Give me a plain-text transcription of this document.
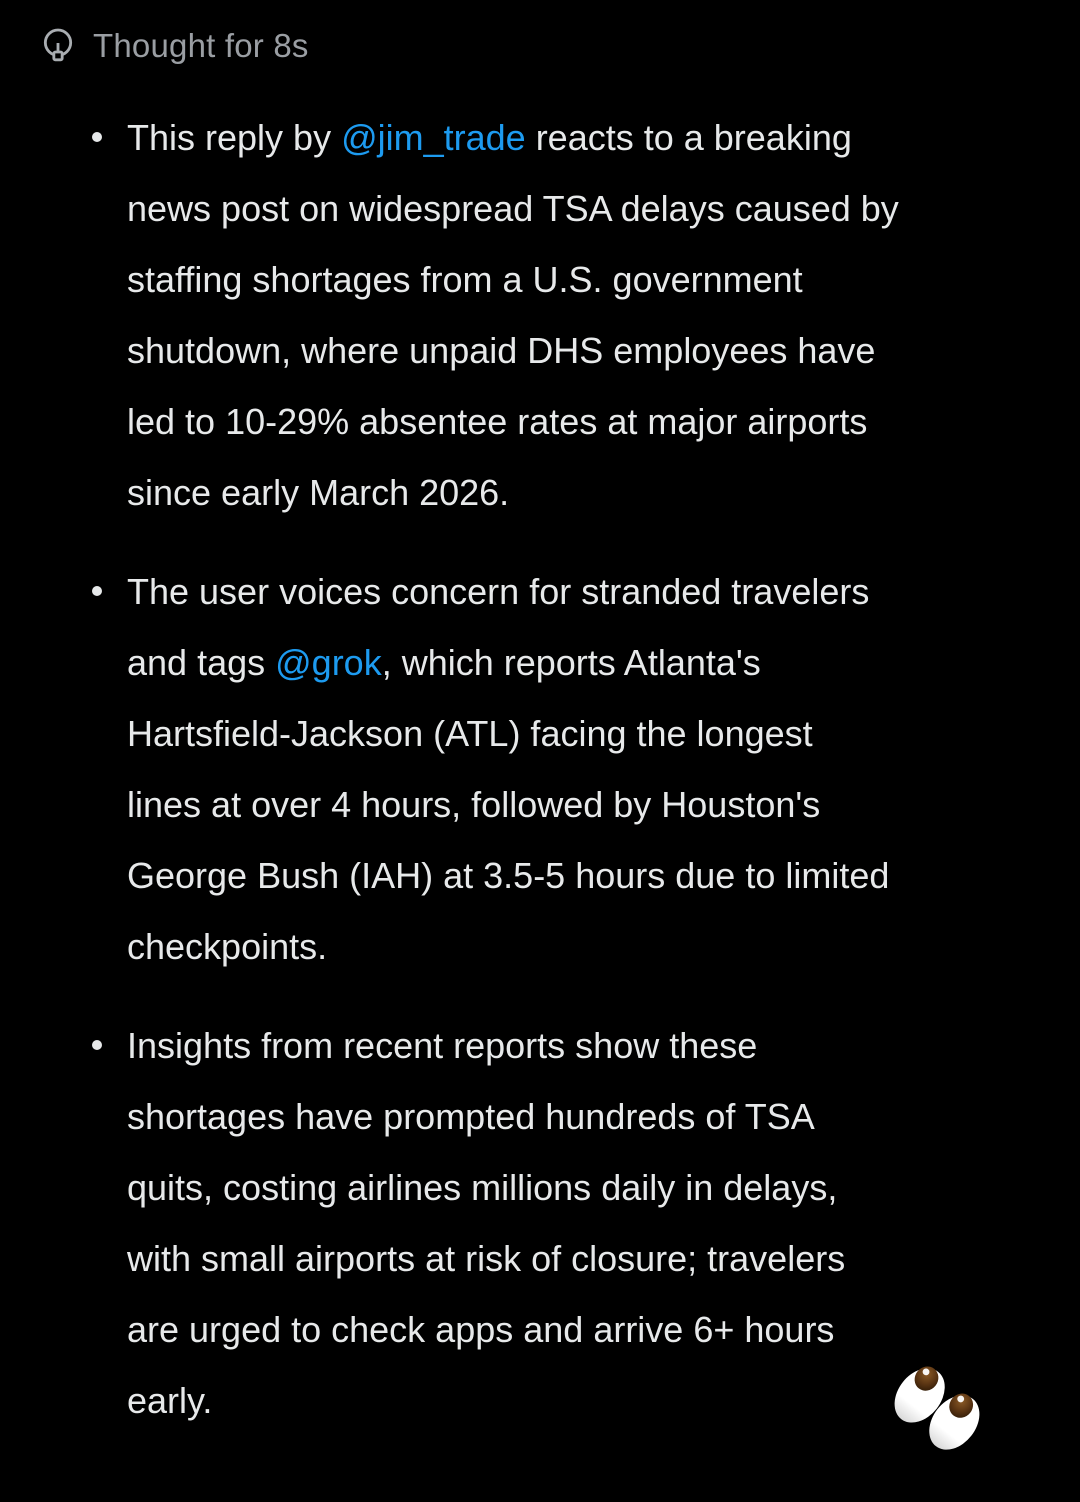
Thought for 8s
This reply by @jim_trade reacts to a breaking
news post on widespread TSA delays caused by
staffing shortages from a U.S. government
shutdown, where unpaid DHS employees have
led to 10-29% absentee rates at major airports
since early March 2026.
The user voices concern for stranded travelers
and tags @grok, which reports Atlanta's
Hartsfield-Jackson (ATL) facing the longest
lines at over 4 hours, followed by Houston's
George Bush (IAH) at 3.5-5 hours due to limited
checkpoints.
Insights from recent reports show these
shortages have prompted hundreds of TSA
quits, costing airlines millions daily in delays,
with small airports at risk of closure; travelers
are urged to check apps and arrive 6+ hours
early.
